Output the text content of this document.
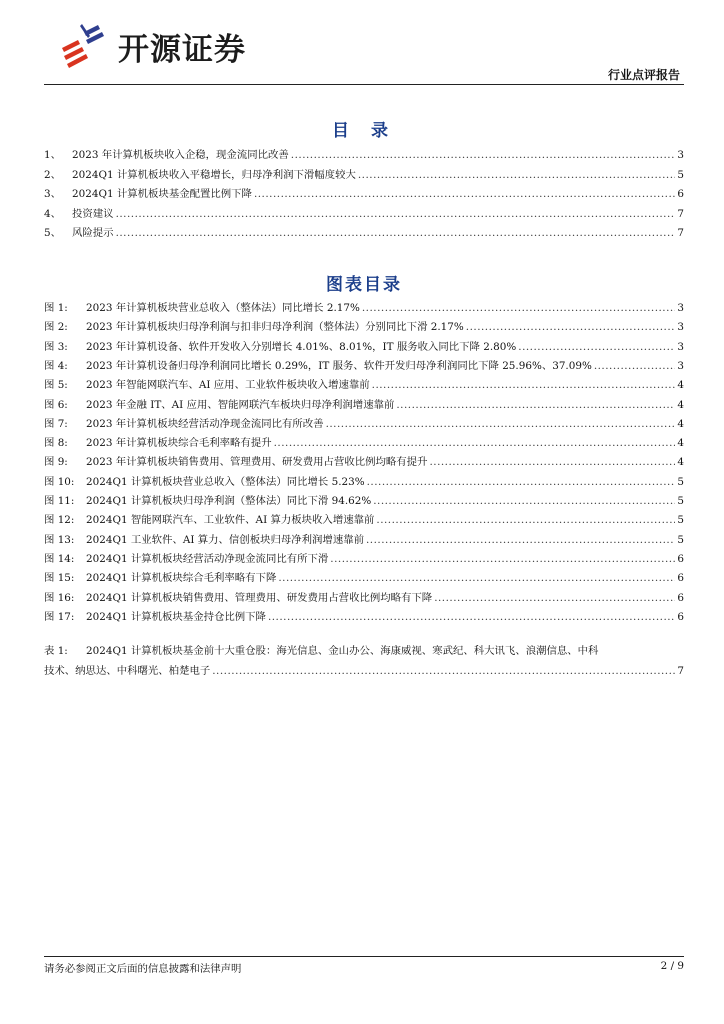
开源证券
行业点评报告
目 录
1、	2023 年计算机板块收入企稳，现金流同比改善 .....	3
2、	2024Q1 计算机板块收入平稳增长，归母净利润下滑幅度较大 .....	5
3、	2024Q1 计算机板块基金配置比例下降 .....	6
4、	投资建议 .....	7
5、	风险提示 .....	7
图表目录
图 1:	2023 年计算机板块营业总收入（整体法）同比增长 2.17% .....	3
图 2:	2023 年计算机板块归母净利润与扣非归母净利润（整体法）分别同比下滑 2.17% .....	3
图 3:	2023 年计算机设备、软件开发收入分别增长 4.01%、8.01%，IT 服务收入同比下降 2.80% .....	3
图 4:	2023 年计算机设备归母净利润同比增长 0.29%，IT 服务、软件开发归母净利润同比下降 25.96%、37.09% .....	3
图 5:	2023 年智能网联汽车、AI 应用、工业软件板块收入增速靠前 .....	4
图 6:	2023 年金融 IT、AI 应用、智能网联汽车板块归母净利润增速靠前 .....	4
图 7:	2023 年计算机板块经营活动净现金流同比有所改善 .....	4
图 8:	2023 年计算机板块综合毛利率略有提升 .....	4
图 9:	2023 年计算机板块销售费用、管理费用、研发费用占营收比例均略有提升 .....	4
图 10:	2024Q1 计算机板块营业总收入（整体法）同比增长 5.23% .....	5
图 11:	2024Q1 计算机板块归母净利润（整体法）同比下滑 94.62% .....	5
图 12:	2024Q1 智能网联汽车、工业软件、AI 算力板块收入增速靠前 .....	5
图 13:	2024Q1 工业软件、AI 算力、信创板块归母净利润增速靠前 .....	5
图 14:	2024Q1 计算机板块经营活动净现金流同比有所下滑 .....	6
图 15:	2024Q1 计算机板块综合毛利率略有下降 .....	6
图 16:	2024Q1 计算机板块销售费用、管理费用、研发费用占营收比例均略有下降 .....	6
图 17:	2024Q1 计算机板块基金持仓比例下降 .....	6
表 1: 2024Q1 计算机板块基金前十大重仓股：海光信息、金山办公、海康威视、寒武纪、科大讯飞、浪潮信息、中科
技术、纳思达、中科曙光、柏楚电子 .....	7
请务必参阅正文后面的信息披露和法律声明	2 / 9
